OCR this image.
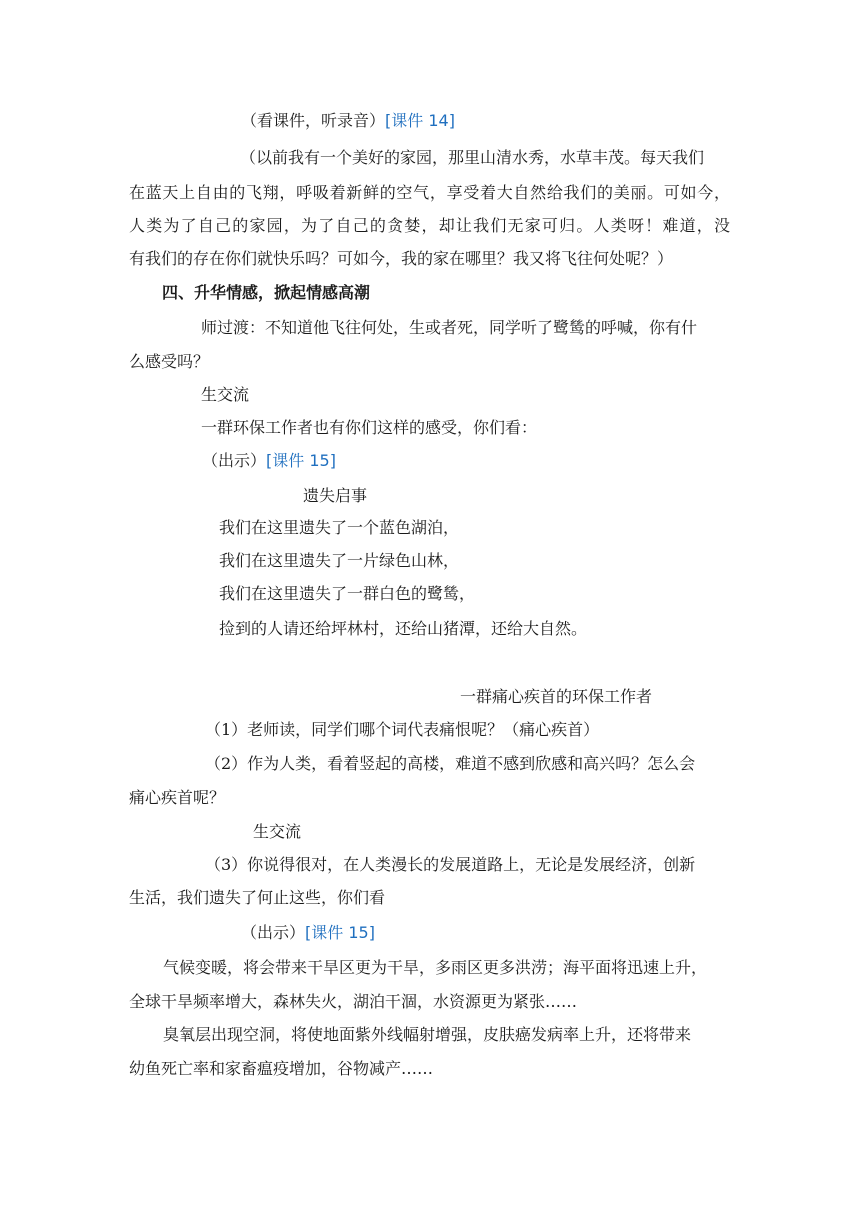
（看课件，听录音）[课件 14]
（以前我有一个美好的家园，那里山清水秀，水草丰茂。每天我们
在蓝天上自由的飞翔，呼吸着新鲜的空气，享受着大自然给我们的美丽。可如今，
人类为了自己的家园，为了自己的贪婪，却让我们无家可归。人类呀！难道，没
有我们的存在你们就快乐吗？可如今，我的家在哪里？我又将飞往何处呢？）
四、升华情感，掀起情感高潮
师过渡：不知道他飞往何处，生或者死，同学听了鹭鸶的呼喊，你有什
么感受吗？
生交流
一群环保工作者也有你们这样的感受，你们看：
（出示）[课件 15]
遗失启事
我们在这里遗失了一个蓝色湖泊，
我们在这里遗失了一片绿色山林，
我们在这里遗失了一群白色的鹭鸶，
捡到的人请还给坪林村，还给山猪潭，还给大自然。
一群痛心疾首的环保工作者
（1）老师读，同学们哪个词代表痛恨呢？（痛心疾首）
（2）作为人类，看着竖起的高楼，难道不感到欣感和高兴吗？怎么会
痛心疾首呢？
生交流
（3）你说得很对，在人类漫长的发展道路上，无论是发展经济，创新
生活，我们遗失了何止这些，你们看
（出示）[课件 15]
气候变暖，将会带来干旱区更为干旱，多雨区更多洪涝；海平面将迅速上升，
全球干旱频率增大，森林失火，湖泊干涸，水资源更为紧张……
臭氧层出现空洞，将使地面紫外线幅射增强，皮肤癌发病率上升，还将带来
幼鱼死亡率和家畜瘟疫增加，谷物减产……
